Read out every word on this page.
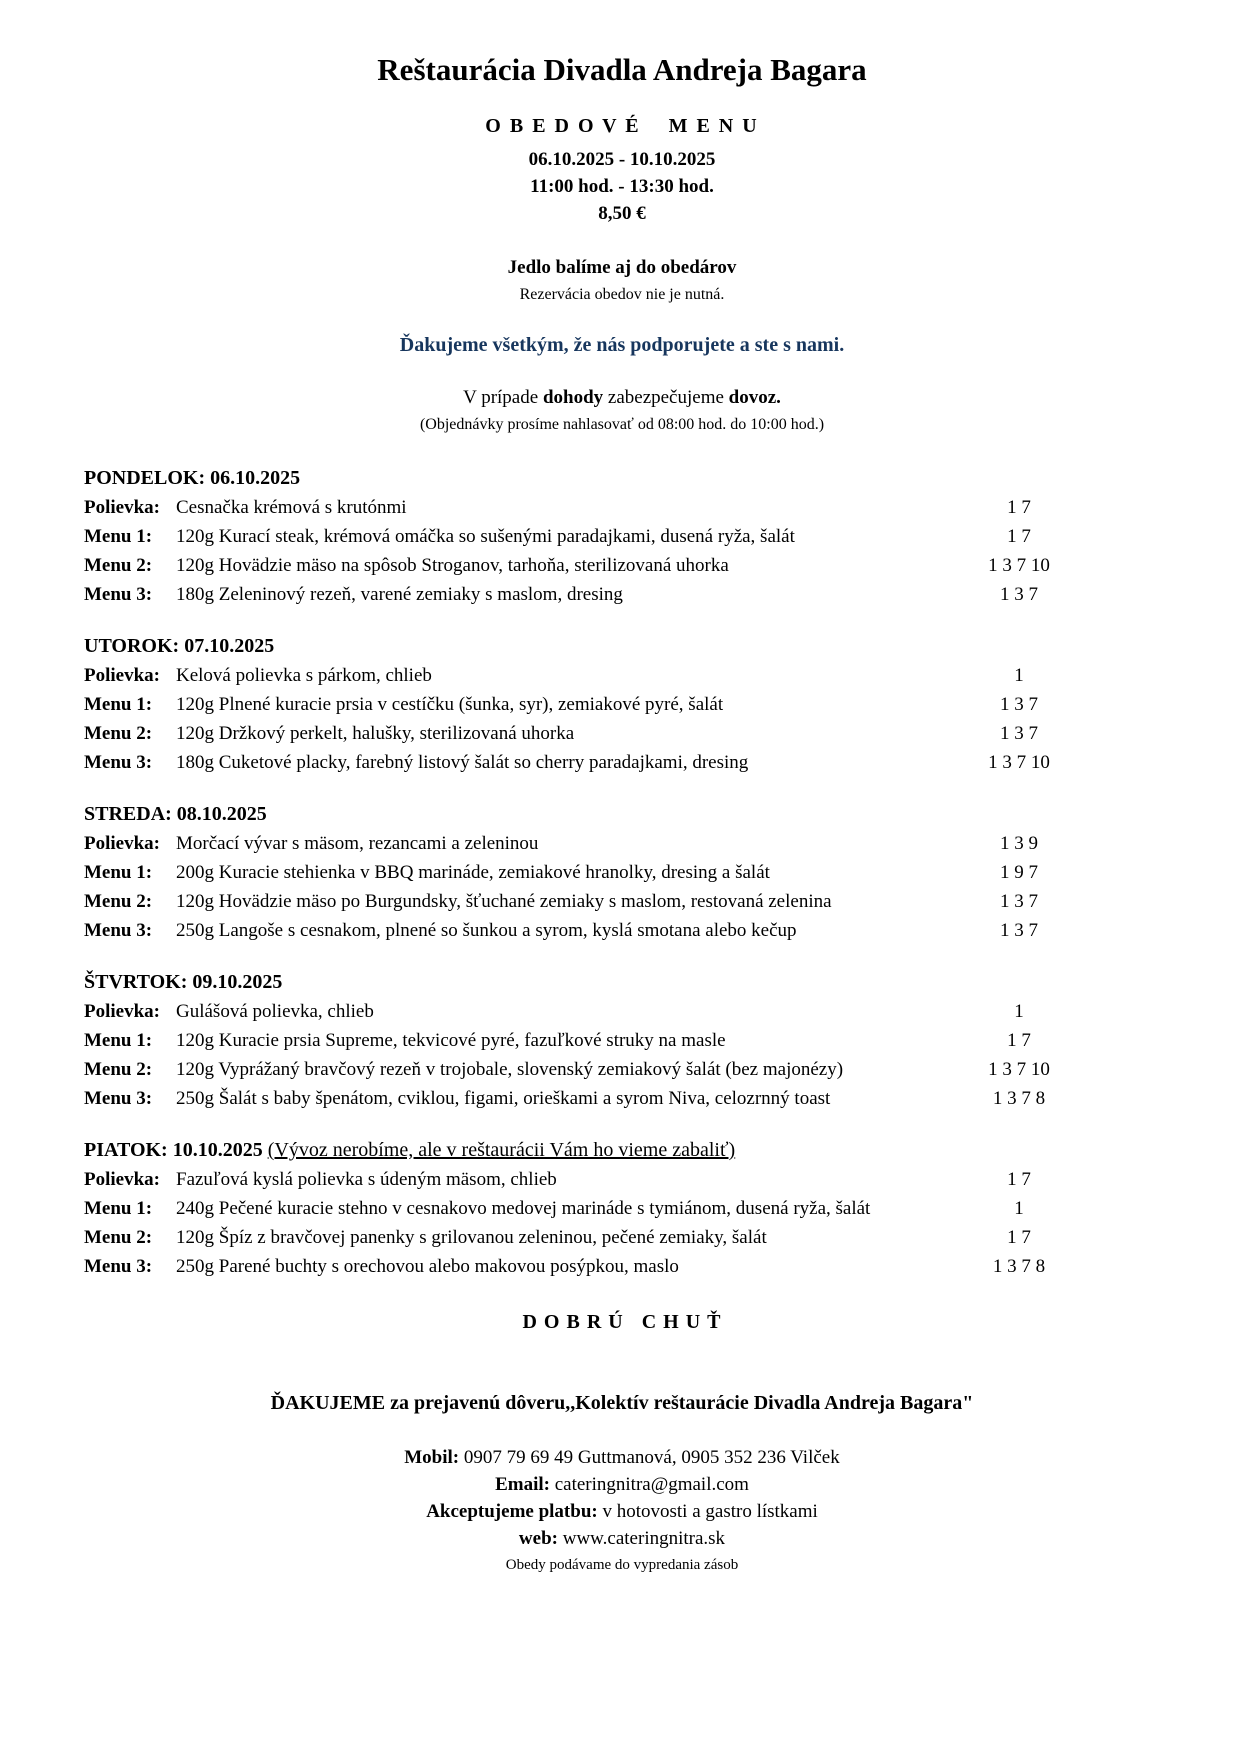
Reštaurácia Divadla Andreja Bagara

O B E D O V É    M E N U

06.10.2025 - 10.10.2025

11:00 hod. - 13:30 hod.

8,50 €

Jedlo balíme aj do obedárov

Rezervácia obedov nie je nutná.

Ďakujeme všetkým, že nás podporujete a ste s nami.

V prípade dohody zabezpečujeme dovoz.

(Objednávky prosíme nahlasovať od 08:00 hod. do 10:00 hod.)

PONDELOK: 06.10.2025

Polievka: Cesnačka krémová s krutónmi	1 7
Menu 1:	120g Kurací steak, krémová omáčka so sušenými paradajkami, dusená ryža, šalát	1 7
Menu 2:	120g Hovädzie mäso na spôsob Stroganov, tarhoňa, sterilizovaná uhorka	1 3 7 10
Menu 3:	180g Zeleninový rezeň, varené zemiaky s maslom, dresing	1 3 7

UTOROK: 07.10.2025

Polievka: Kelová polievka s párkom, chlieb	1
Menu 1:	120g Plnené kuracie prsia v cestíčku (šunka, syr), zemiakové pyré, šalát	1 3 7
Menu 2:	120g Držkový perkelt, halušky, sterilizovaná uhorka	1 3 7
Menu 3:	180g Cuketové placky, farebný listový šalát so cherry paradajkami, dresing	1 3 7 10

STREDA: 08.10.2025

Polievka: Morčací vývar s mäsom, rezancami a zeleninou	1 3 9
Menu 1:	200g Kuracie stehienka v BBQ marináde, zemiakové hranolky, dresing a šalát	1 9 7
Menu 2:	120g Hovädzie mäso po Burgundsky, šťuchané zemiaky s maslom, restovaná zelenina	1 3 7
Menu 3:	250g Langoše s cesnakom, plnené so šunkou a syrom, kyslá smotana alebo kečup	1 3 7

ŠTVRTOK: 09.10.2025

Polievka: Gulášová polievka, chlieb	1
Menu 1:	120g Kuracie prsia Supreme, tekvicové pyré, fazuľkové struky na masle	1 7
Menu 2:	120g Vyprážaný bravčový rezeň v trojobale, slovenský zemiakový šalát (bez majonézy)	1 3 7 10
Menu 3:	250g Šalát s baby špenátom, cviklou, figami, orieškami a syrom Niva, celozrnný toast	1 3 7 8

PIATOK: 10.10.2025 (Vývoz nerobíme, ale v reštaurácii Vám ho vieme zabaliť)

Polievka: Fazuľová kyslá polievka s údeným mäsom, chlieb	1 7
Menu 1:	240g Pečené kuracie stehno v cesnakovo medovej marináde s tymiánom, dusená ryža, šalát	1
Menu 2:	120g Špíz z bravčovej panenky s grilovanou zeleninou, pečené zemiaky, šalát	1 7
Menu 3:	250g Parené buchty s orechovou alebo makovou posýpkou, maslo	1 3 7 8

D O B R Ú   C H U Ť

ĎAKUJEME za prejavenú dôveru,,Kolektív reštaurácie Divadla Andreja Bagara"

Mobil: 0907 79 69 49 Guttmanová, 0905 352 236 Vilček

Email: cateringnitra@gmail.com

Akceptujeme platbu: v hotovosti a gastro lístkami

web: www.cateringnitra.sk

Obedy podávame do vypredania zásob
